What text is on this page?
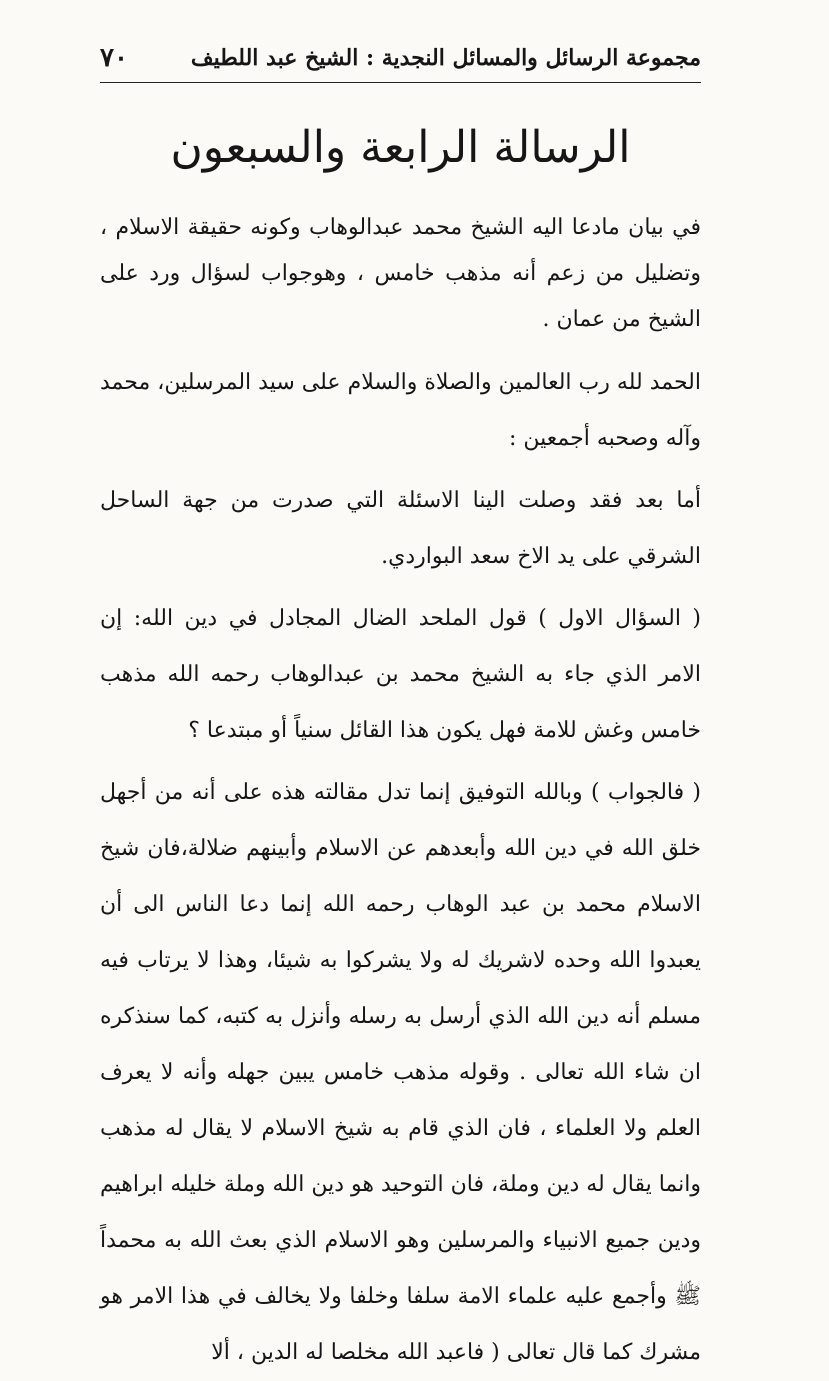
مجموعة الرسائل والمسائل النجدية : الشيخ عبد اللطيف
٧٠
الرسالة الرابعة والسبعون

في بيان مادعا اليه الشيخ محمد عبدالوهاب وكونه حقيقة الاسلام ، وتضليل من زعم أنه مذهب خامس ، وهوجواب لسؤال ورد على الشيخ من عمان .

الحمد لله رب العالمين والصلاة والسلام على سيد المرسلين، محمد وآله وصحبه أجمعين :

أما بعد فقد وصلت الينا الاسئلة التي صدرت من جهة الساحل الشرقي على يد الاخ سعد البواردي.

( السؤال الاول ) قول الملحد الضال المجادل في دين الله: إن الامر الذي جاء به الشيخ محمد بن عبدالوهاب رحمه الله مذهب خامس وغش للامة فهل يكون هذا القائل سنياً أو مبتدعا ؟

( فالجواب ) وبالله التوفيق إنما تدل مقالته هذه على أنه من أجهل خلق الله في دين الله وأبعدهم عن الاسلام وأبينهم ضلالة،فان شيخ الاسلام محمد بن عبد الوهاب رحمه الله إنما دعا الناس الى أن يعبدوا الله وحده لاشريك له ولا يشركوا به شيئا، وهذا لا يرتاب فيه مسلم أنه دين الله الذي أرسل به رسله وأنزل به كتبه، كما سنذكره ان شاء الله تعالى . وقوله مذهب خامس يبين جهله وأنه لا يعرف العلم ولا العلماء ، فان الذي قام به شيخ الاسلام لا يقال له مذهب وانما يقال له دين وملة، فان التوحيد هو دين الله وملة خليله ابراهيم ودين جميع الانبياء والمرسلين وهو الاسلام الذي بعث الله به محمداً ﷺ وأجمع عليه علماء الامة سلفا وخلفا ولا يخالف في هذا الامر هو مشرك كما قال تعالى ( فاعبد الله مخلصا له الدين ، ألا
